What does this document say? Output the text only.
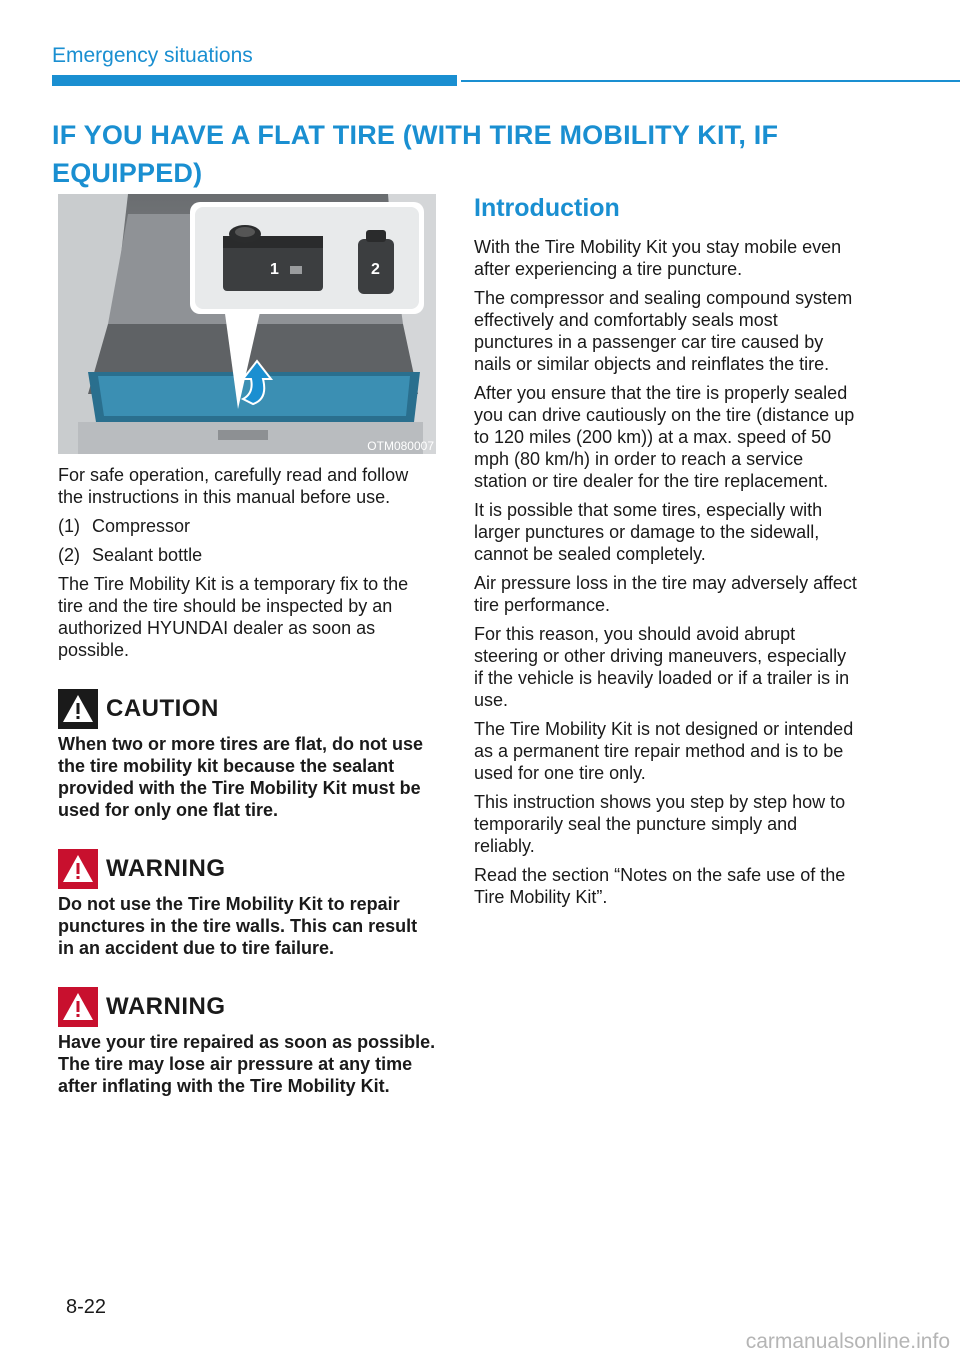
Emergency situations
IF YOU HAVE A FLAT TIRE (WITH TIRE MOBILITY KIT, IF EQUIPPED)
1	2
OTM080007

For safe operation, carefully read and follow the instructions in this manual before use.

(1) Compressor
(2) Sealant bottle

The Tire Mobility Kit is a temporary fix to the tire and the tire should be inspected by an authorized HYUNDAI dealer as soon as possible.

CAUTION

When two or more tires are flat, do not use the tire mobility kit because the sealant provided with the Tire Mobility Kit must be used for only one flat tire.

WARNING

Do not use the Tire Mobility Kit to repair punctures in the tire walls. This can result in an accident due to tire failure.

WARNING

Have your tire repaired as soon as possible. The tire may lose air pressure at any time after inflating with the Tire Mobility Kit.

Introduction

With the Tire Mobility Kit you stay mobile even after experiencing a tire puncture.

The compressor and sealing compound system effectively and comfortably seals most punctures in a passenger car tire caused by nails or similar objects and reinflates the tire.

After you ensure that the tire is properly sealed you can drive cautiously on the tire (distance up to 120 miles (200 km)) at a max. speed of 50 mph (80 km/h) in order to reach a service station or tire dealer for the tire replacement.

It is possible that some tires, especially with larger punctures or damage to the sidewall, cannot be sealed completely.

Air pressure loss in the tire may adversely affect tire performance.

For this reason, you should avoid abrupt steering or other driving maneuvers, especially if the vehicle is heavily loaded or if a trailer is in use.

The Tire Mobility Kit is not designed or intended as a permanent tire repair method and is to be used for one tire only.

This instruction shows you step by step how to temporarily seal the puncture simply and reliably.

Read the section “Notes on the safe use of the Tire Mobility Kit”.

8-22
carmanualsonline.info
